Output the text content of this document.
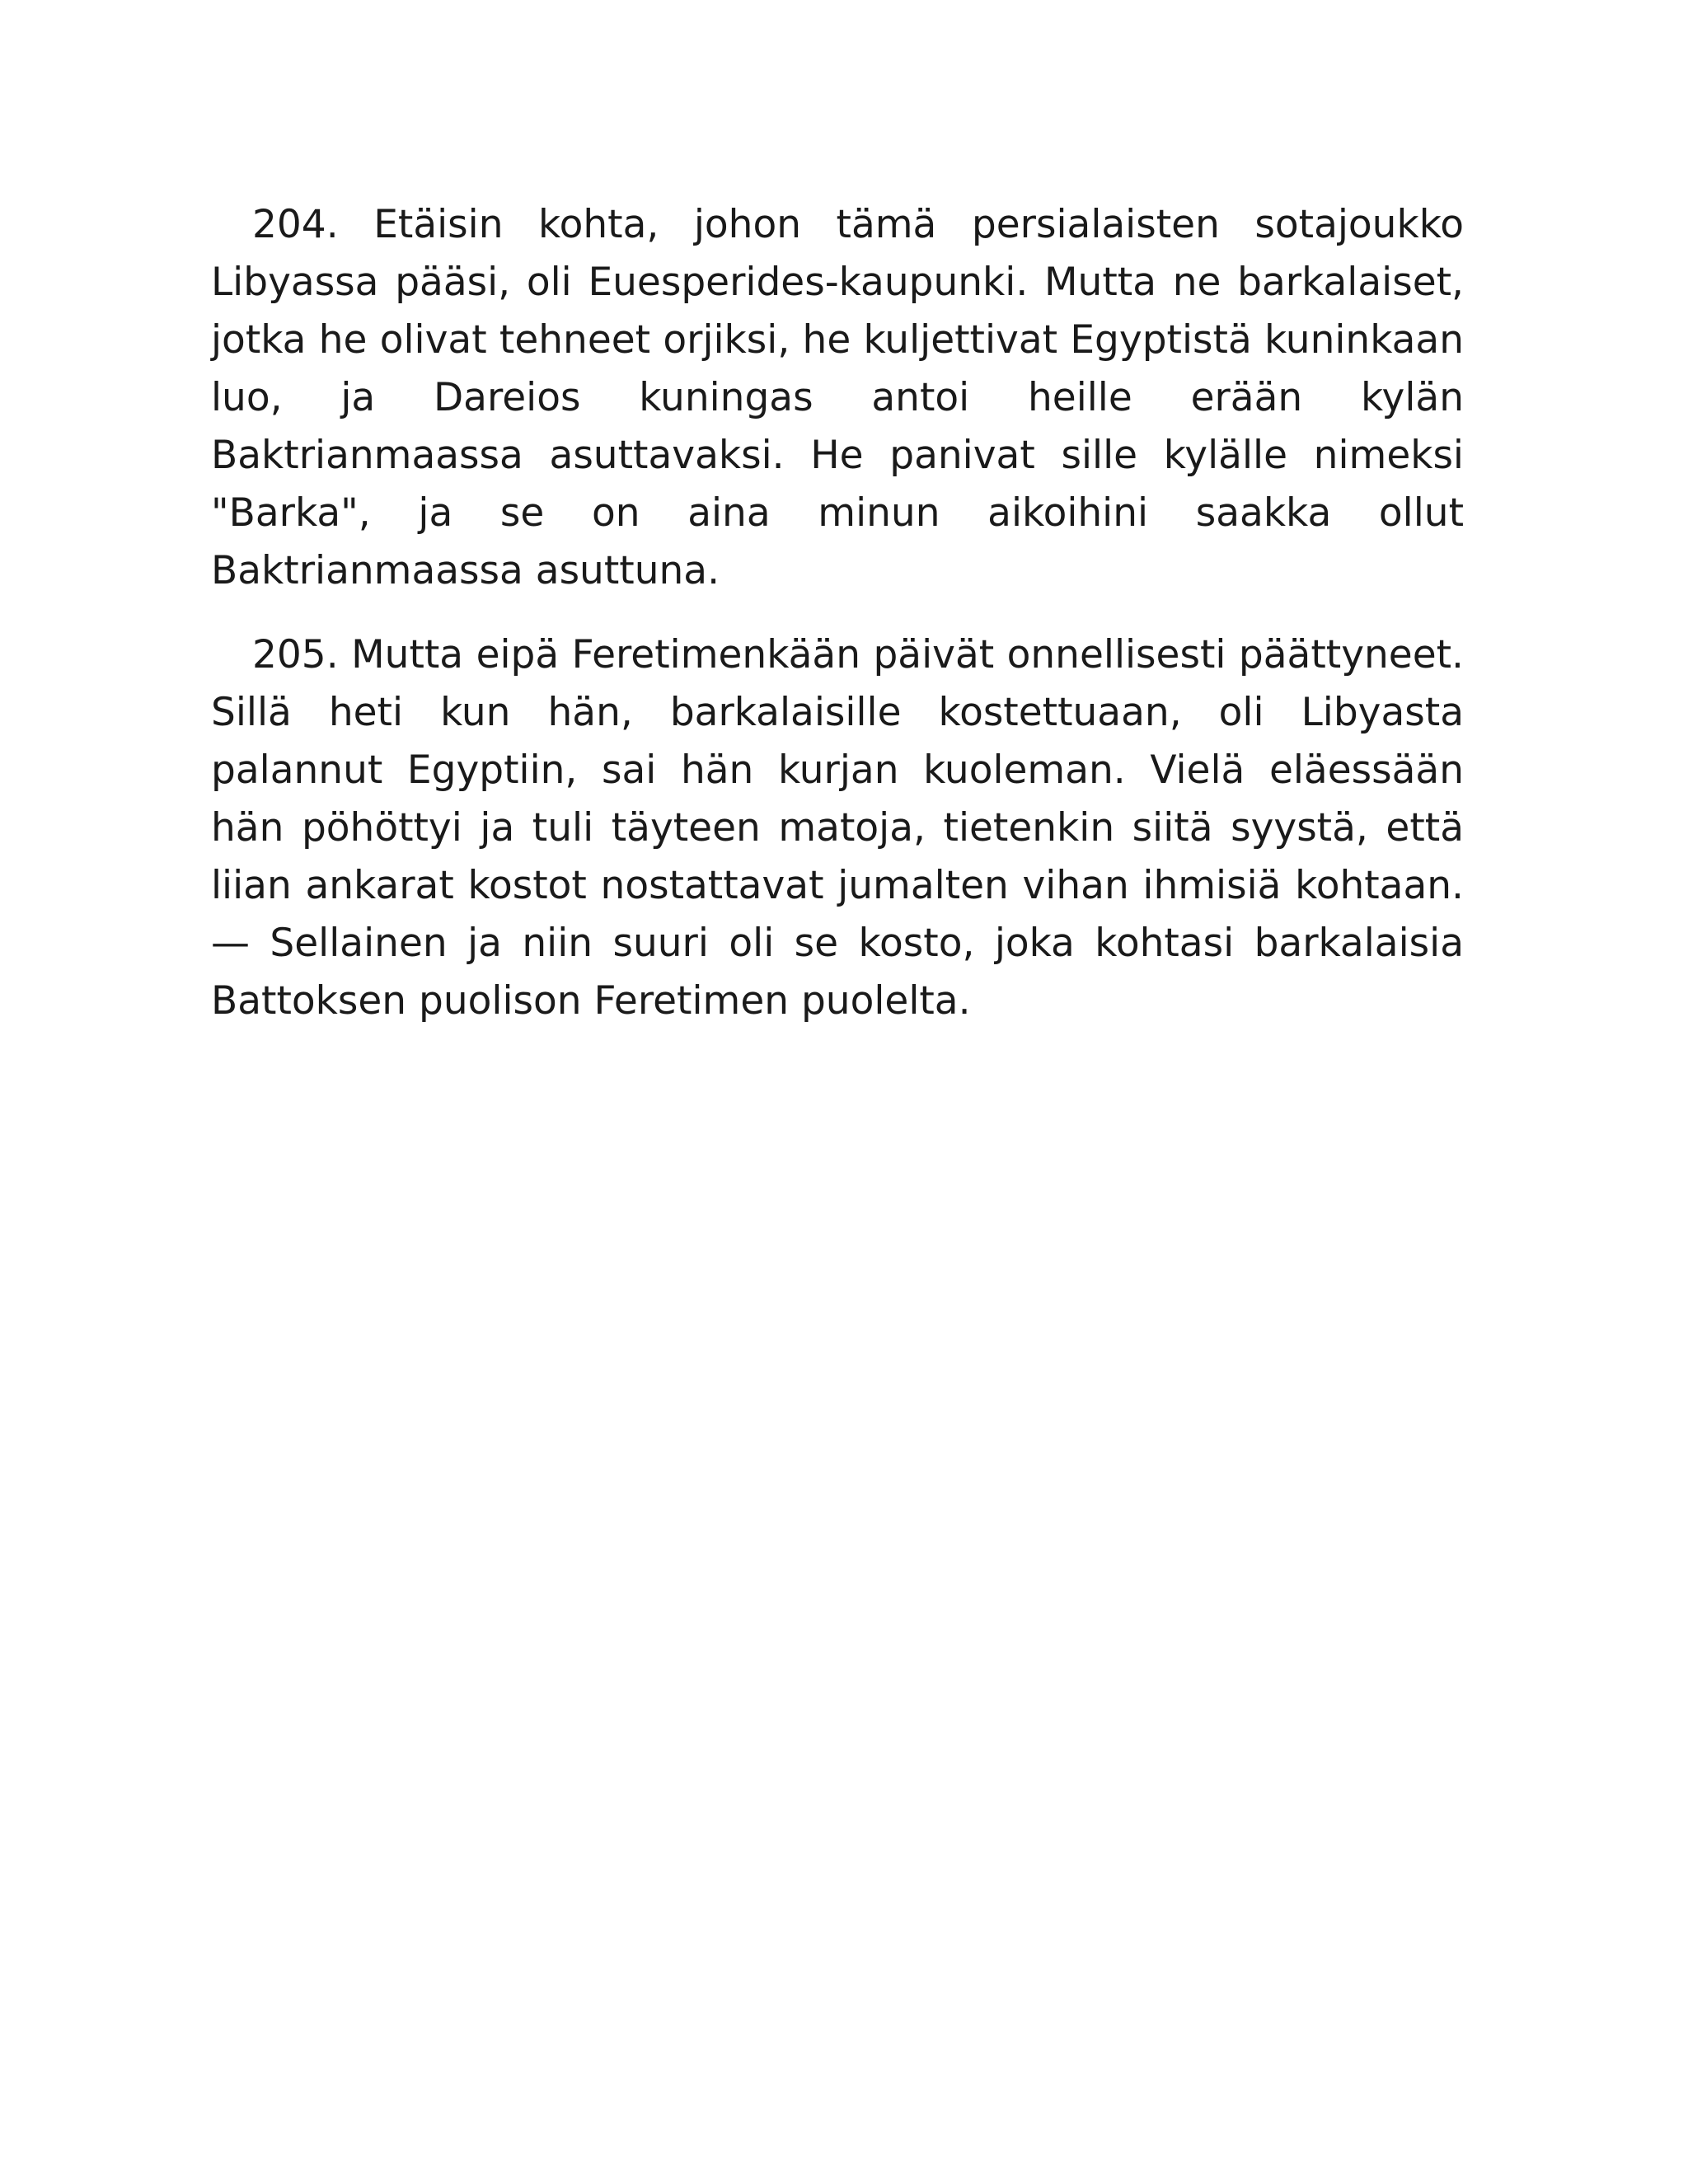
204. Etäisin kohta, johon tämä persialaisten sotajoukko Libyassa pääsi, oli Euesperides-kaupunki. Mutta ne barkalaiset, jotka he olivat tehneet orjiksi, he kuljettivat Egyptistä kuninkaan luo, ja Dareios kuningas antoi heille erään kylän Baktrianmaassa asuttavaksi. He panivat sille kylälle nimeksi "Barka", ja se on aina minun aikoihini saakka ollut Baktrianmaassa asuttuna.

205. Mutta eipä Feretimenkään päivät onnellisesti päättyneet. Sillä heti kun hän, barkalaisille kostettuaan, oli Libyasta palannut Egyptiin, sai hän kurjan kuoleman. Vielä eläessään hän pöhöttyi ja tuli täyteen matoja, tietenkin siitä syystä, että liian ankarat kostot nostattavat jumalten vihan ihmisiä kohtaan. — Sellainen ja niin suuri oli se kosto, joka kohtasi barkalaisia Battoksen puolison Feretimen puolelta.
